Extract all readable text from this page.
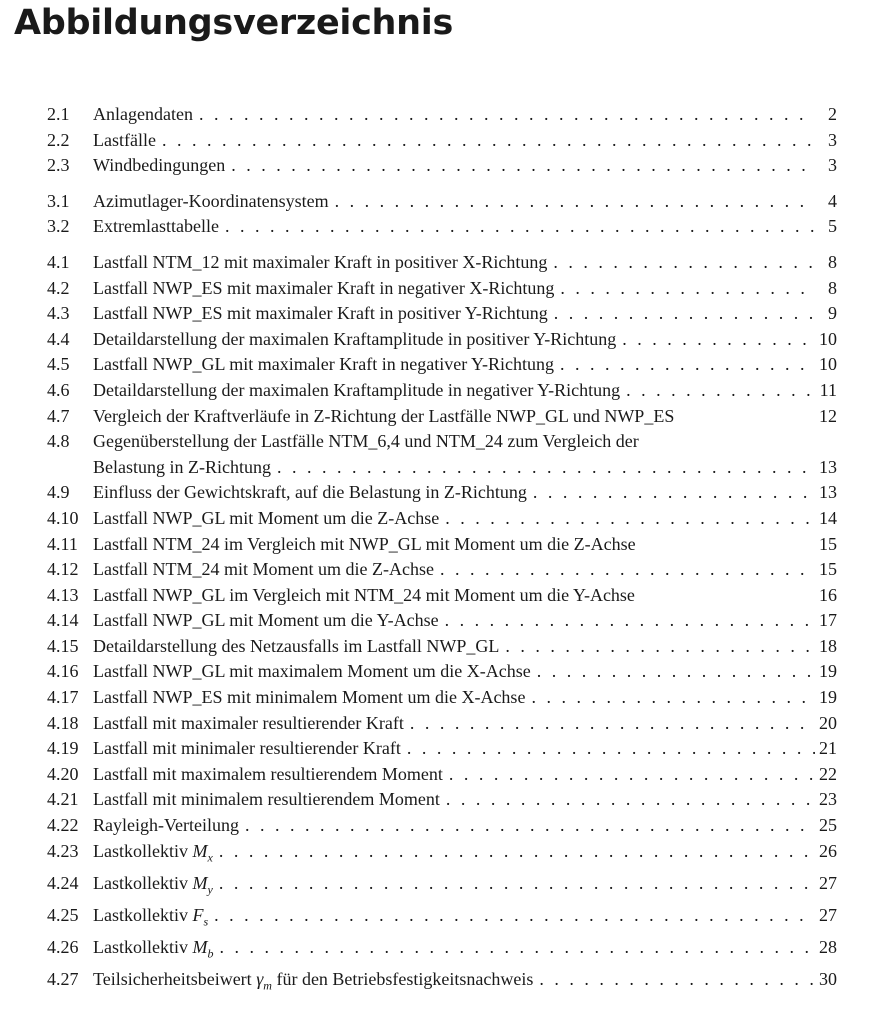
Abbildungsverzeichnis
2.1	Anlagendaten . . .	2
2.2	Lastfälle . . .	3
2.3	Windbedingungen . . .	3
3.1	Azimutlager-Koordinatensystem . . .	4
3.2	Extremlasttabelle . . .	5
4.1	Lastfall NTM_12 mit maximaler Kraft in positiver X-Richtung . . .	8
4.2	Lastfall NWP_ES mit maximaler Kraft in negativer X-Richtung . . .	8
4.3	Lastfall NWP_ES mit maximaler Kraft in positiver Y-Richtung . . .	9
4.4	Detaildarstellung der maximalen Kraftamplitude in positiver Y-Richtung . . .	10
4.5	Lastfall NWP_GL mit maximaler Kraft in negativer Y-Richtung . . .	10
4.6	Detaildarstellung der maximalen Kraftamplitude in negativer Y-Richtung . . .	11
4.7	Vergleich der Kraftverläufe in Z-Richtung der Lastfälle NWP_GL und NWP_ES	12
4.8	Gegenüberstellung der Lastfälle NTM_6,4 und NTM_24 zum Vergleich der
Belastung in Z-Richtung . . .	13
4.9	Einfluss der Gewichtskraft, auf die Belastung in Z-Richtung . . .	13
4.10 Lastfall NWP_GL mit Moment um die Z-Achse . . .	14
4.11 Lastfall NTM_24 im Vergleich mit NWP_GL mit Moment um die Z-Achse	15
4.12 Lastfall NTM_24 mit Moment um die Z-Achse . . .	15
4.13 Lastfall NWP_GL im Vergleich mit NTM_24 mit Moment um die Y-Achse	16
4.14 Lastfall NWP_GL mit Moment um die Y-Achse . . .	17
4.15 Detaildarstellung des Netzausfalls im Lastfall NWP_GL . . .	18
4.16 Lastfall NWP_GL mit maximalem Moment um die X-Achse . . .	19
4.17 Lastfall NWP_ES mit minimalem Moment um die X-Achse . . .	19
4.18 Lastfall mit maximaler resultierender Kraft . . .	20
4.19 Lastfall mit minimaler resultierender Kraft . . .	21
4.20 Lastfall mit maximalem resultierendem Moment . . .	22
4.21 Lastfall mit minimalem resultierendem Moment . . .	23
4.22 Rayleigh-Verteilung . . .	25
4.23 Lastkollektiv $M_x$ . . .	26
4.24 Lastkollektiv $M_y$ . . .	27
4.25 Lastkollektiv $F_s$ . . .	27
4.26 Lastkollektiv $M_b$ . . .	28
4.27 Teilsicherheitsbeiwert $\gamma_m$ für den Betriebsfestigkeitsnachweis . . .	30
